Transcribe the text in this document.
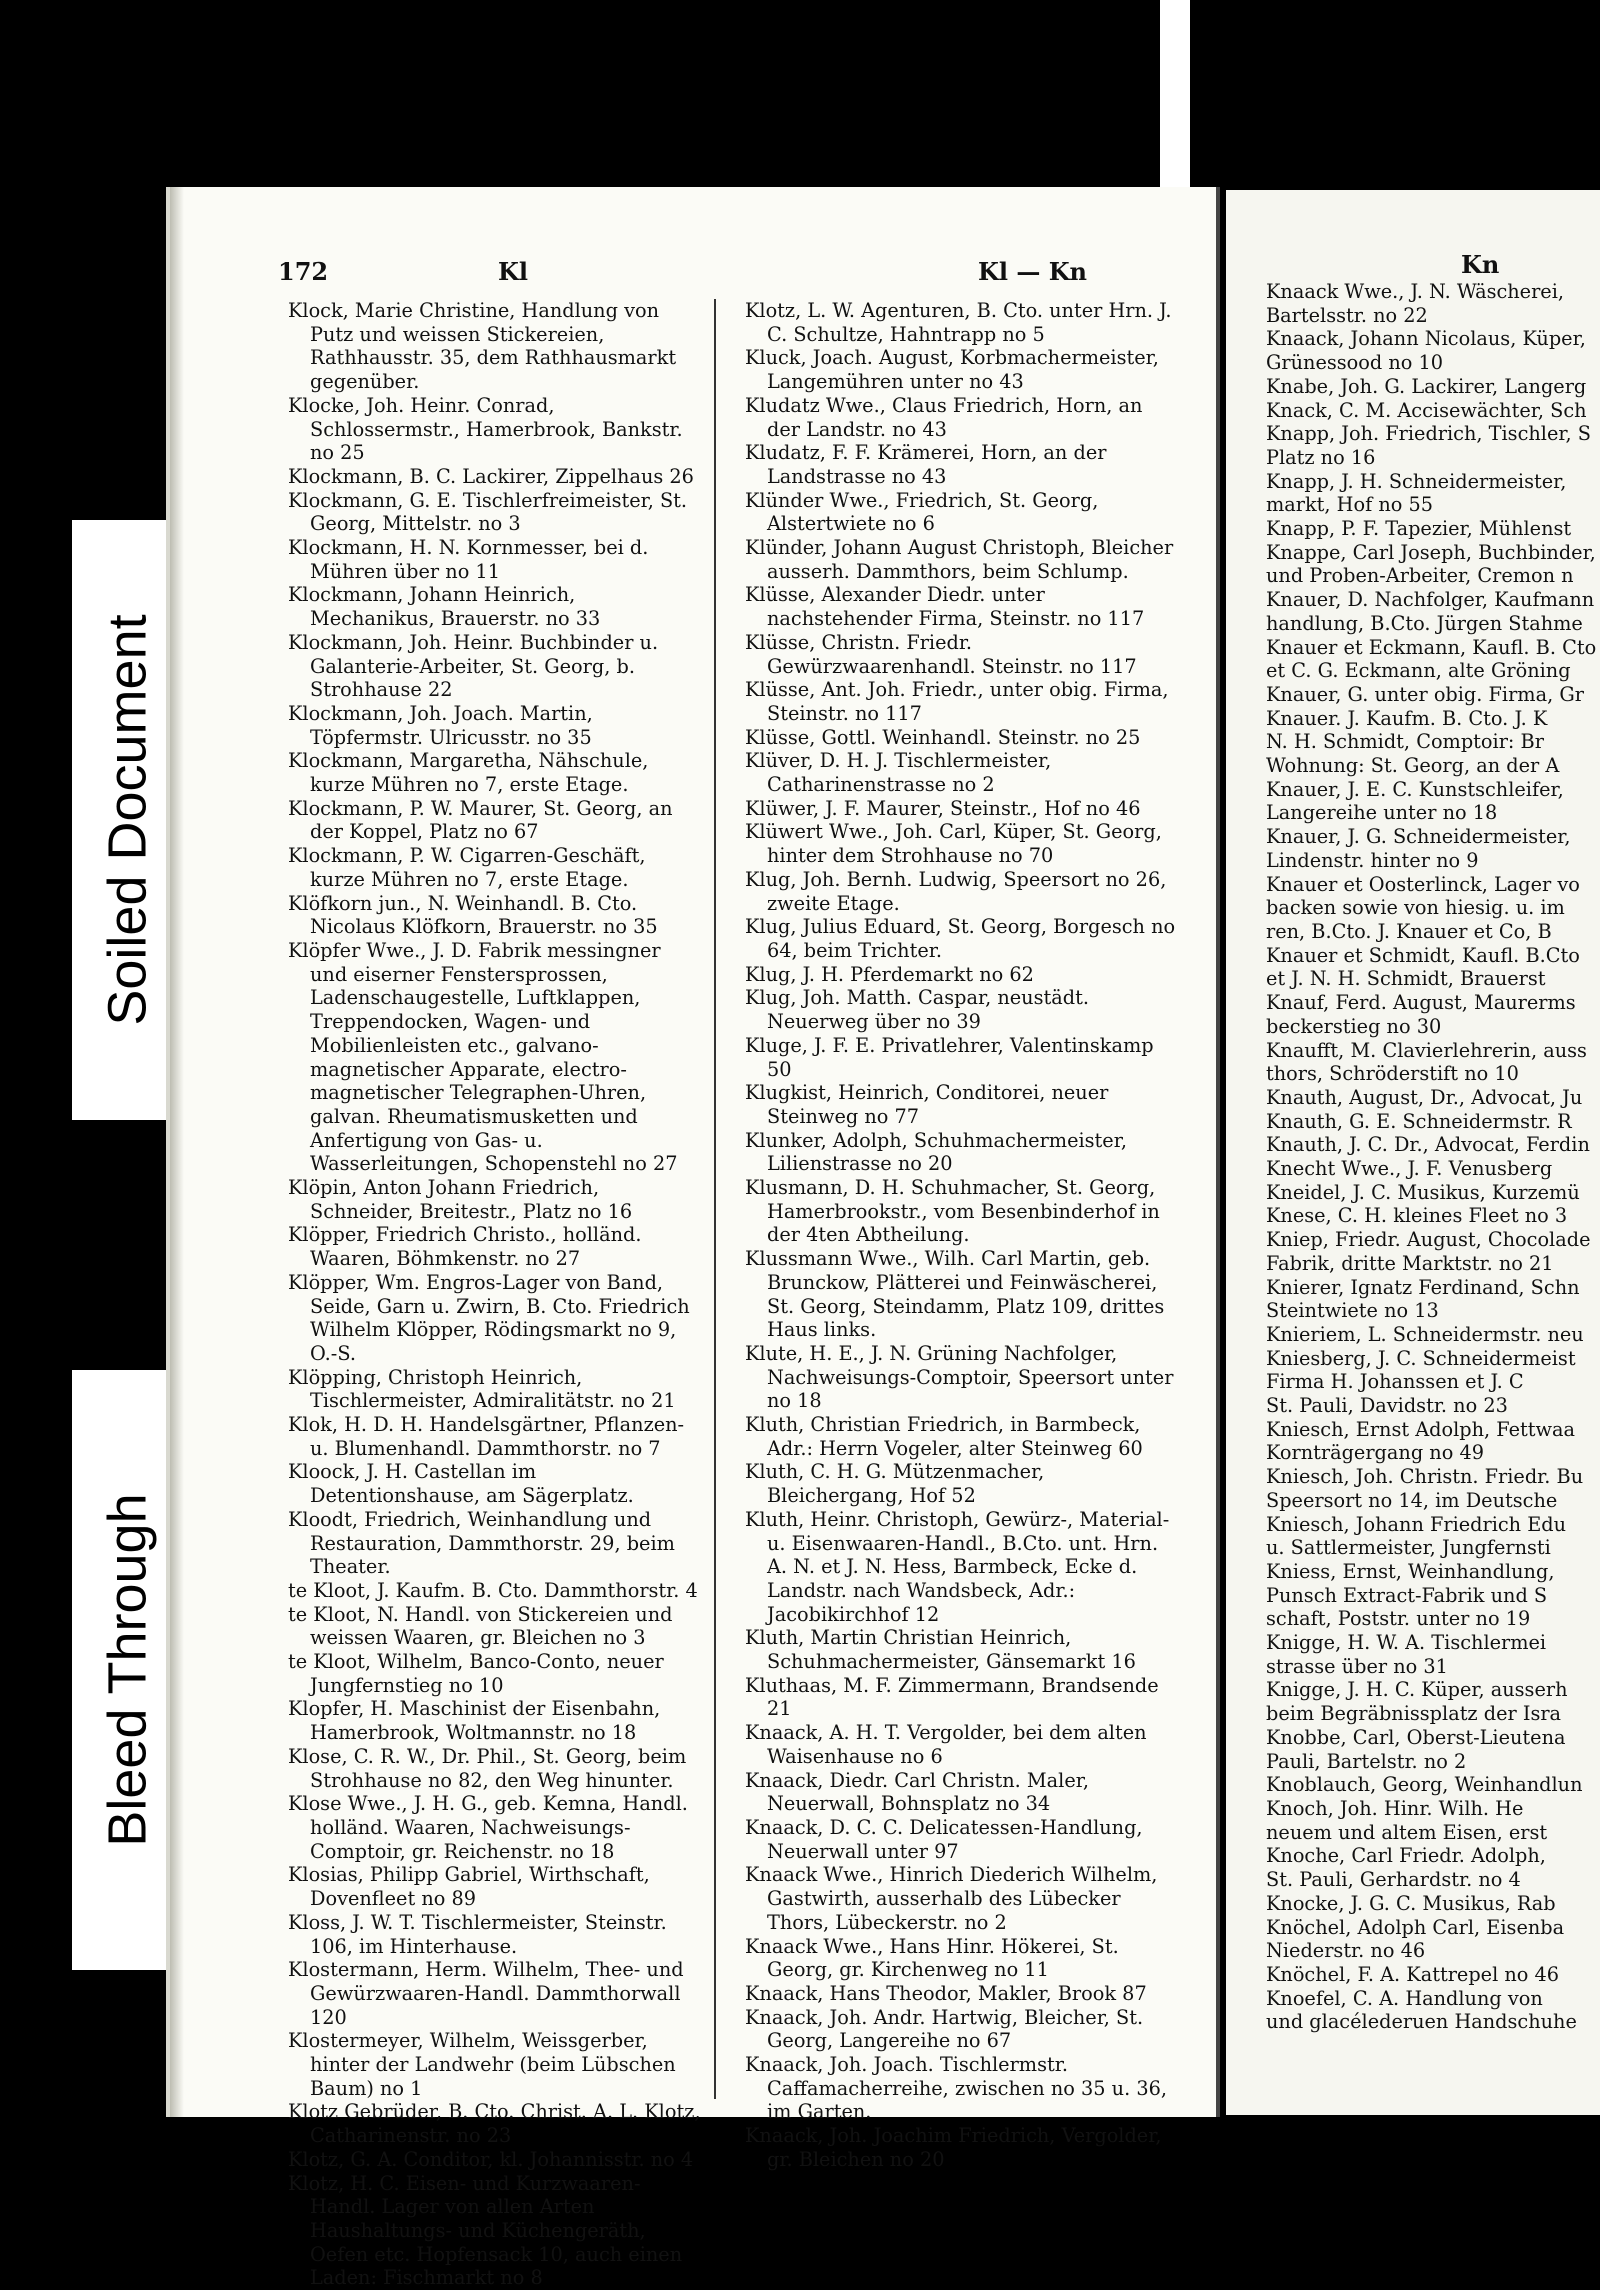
Soiled Document
Bleed Through
172	Kl	Kl — Kn

Klock, Marie Christine, Handlung von Putz und weissen Stickereien, Rathhausstr. 35, dem Rathhausmarkt gegenüber.

Klocke, Joh. Heinr. Conrad, Schlossermstr., Hamerbrook, Bankstr. no 25

Klockmann, B. C. Lackirer, Zippelhaus 26

Klockmann, G. E. Tischlerfreimeister, St. Georg, Mittelstr. no 3

Klockmann, H. N. Kornmesser, bei d. Mühren über no 11

Klockmann, Johann Heinrich, Mechanikus, Brauerstr. no 33

Klockmann, Joh. Heinr. Buchbinder u. Galanterie-Arbeiter, St. Georg, b. Strohhause 22

Klockmann, Joh. Joach. Martin, Töpfermstr. Ulricusstr. no 35

Klockmann, Margaretha, Nähschule, kurze Mühren no 7, erste Etage.

Klockmann, P. W. Maurer, St. Georg, an der Koppel, Platz no 67

Klockmann, P. W. Cigarren-Geschäft, kurze Mühren no 7, erste Etage.

Klöfkorn jun., N. Weinhandl. B. Cto. Nicolaus Klöfkorn, Brauerstr. no 35

Klöpfer Wwe., J. D. Fabrik messingner und eiserner Fenstersprossen, Ladenschaugestelle, Luftklappen, Treppendocken, Wagen- und Mobilienleisten etc., galvano-magnetischer Apparate, electro-magnetischer Telegraphen-Uhren, galvan. Rheumatismusketten und Anfertigung von Gas- u. Wasserleitungen, Schopenstehl no 27

Klöpin, Anton Johann Friedrich, Schneider, Breitestr., Platz no 16

Klöpper, Friedrich Christo., holländ. Waaren, Böhmkenstr. no 27

Klöpper, Wm. Engros-Lager von Band, Seide, Garn u. Zwirn, B. Cto. Friedrich Wilhelm Klöpper, Rödingsmarkt no 9, O.-S.

Klöpping, Christoph Heinrich, Tischlermeister, Admiralitätstr. no 21

Klok, H. D. H. Handelsgärtner, Pflanzen- u. Blumenhandl. Dammthorstr. no 7

Kloock, J. H. Castellan im Detentionshause, am Sägerplatz.

Kloodt, Friedrich, Weinhandlung und Restauration, Dammthorstr. 29, beim Theater.

te Kloot, J. Kaufm. B. Cto. Dammthorstr. 4

te Kloot, N. Handl. von Stickereien und weissen Waaren, gr. Bleichen no 3

te Kloot, Wilhelm, Banco-Conto, neuer Jungfernstieg no 10

Klopfer, H. Maschinist der Eisenbahn, Hamerbrook, Woltmannstr. no 18

Klose, C. R. W., Dr. Phil., St. Georg, beim Strohhause no 82, den Weg hinunter.

Klose Wwe., J. H. G., geb. Kemna, Handl. holländ. Waaren, Nachweisungs-Comptoir, gr. Reichenstr. no 18

Klosias, Philipp Gabriel, Wirthschaft, Dovenfleet no 89

Kloss, J. W. T. Tischlermeister, Steinstr. 106, im Hinterhause.

Klostermann, Herm. Wilhelm, Thee- und Gewürzwaaren-Handl. Dammthorwall 120

Klostermeyer, Wilhelm, Weissgerber, hinter der Landwehr (beim Lübschen Baum) no 1

Klotz Gebrüder, B. Cto. Christ. A. L. Klotz, Catharinenstr. no 23

Klotz, G. A. Conditor, kl. Johannisstr. no 4

Klotz, H. C. Eisen- und Kurzwaaren-Handl. Lager von allen Arten Haushaltungs- und Küchengeräth, Oefen etc. Hopfensack 10, auch einen Laden: Fischmarkt no 8

Klotz, L. W. Agenturen, B. Cto. unter Hrn. J. C. Schultze, Hahntrapp no 5

Kluck, Joach. August, Korbmachermeister, Langemühren unter no 43

Kludatz Wwe., Claus Friedrich, Horn, an der Landstr. no 43

Kludatz, F. F. Krämerei, Horn, an der Landstrasse no 43

Klünder Wwe., Friedrich, St. Georg, Alstertwiete no 6

Klünder, Johann August Christoph, Bleicher ausserh. Dammthors, beim Schlump.

Klüsse, Alexander Diedr. unter nachstehender Firma, Steinstr. no 117

Klüsse, Christn. Friedr. Gewürzwaarenhandl. Steinstr. no 117

Klüsse, Ant. Joh. Friedr., unter obig. Firma, Steinstr. no 117

Klüsse, Gottl. Weinhandl. Steinstr. no 25

Klüver, D. H. J. Tischlermeister, Catharinenstrasse no 2

Klüwer, J. F. Maurer, Steinstr., Hof no 46

Klüwert Wwe., Joh. Carl, Küper, St. Georg, hinter dem Strohhause no 70

Klug, Joh. Bernh. Ludwig, Speersort no 26, zweite Etage.

Klug, Julius Eduard, St. Georg, Borgesch no 64, beim Trichter.

Klug, J. H. Pferdemarkt no 62

Klug, Joh. Matth. Caspar, neustädt. Neuerweg über no 39

Kluge, J. F. E. Privatlehrer, Valentinskamp 50

Klugkist, Heinrich, Conditorei, neuer Steinweg no 77

Klunker, Adolph, Schuhmachermeister, Lilienstrasse no 20

Klusmann, D. H. Schuhmacher, St. Georg, Hamerbrookstr., vom Besenbinderhof in der 4ten Abtheilung.

Klussmann Wwe., Wilh. Carl Martin, geb. Brunckow, Plätterei und Feinwäscherei, St. Georg, Steindamm, Platz 109, drittes Haus links.

Klute, H. E., J. N. Grüning Nachfolger, Nachweisungs-Comptoir, Speersort unter no 18

Kluth, Christian Friedrich, in Barmbeck, Adr.: Herrn Vogeler, alter Steinweg 60

Kluth, C. H. G. Mützenmacher, Bleichergang, Hof 52

Kluth, Heinr. Christoph, Gewürz-, Material- u. Eisenwaaren-Handl., B.Cto. unt. Hrn. A. N. et J. N. Hess, Barmbeck, Ecke d. Landstr. nach Wandsbeck, Adr.: Jacobikirchhof 12

Kluth, Martin Christian Heinrich, Schuhmachermeister, Gänsemarkt 16

Kluthaas, M. F. Zimmermann, Brandsende 21

Knaack, A. H. T. Vergolder, bei dem alten Waisenhause no 6

Knaack, Diedr. Carl Christn. Maler, Neuerwall, Bohnsplatz no 34

Knaack, D. C. C. Delicatessen-Handlung, Neuerwall unter 97

Knaack Wwe., Hinrich Diederich Wilhelm, Gastwirth, ausserhalb des Lübecker Thors, Lübeckerstr. no 2

Knaack Wwe., Hans Hinr. Hökerei, St. Georg, gr. Kirchenweg no 11

Knaack, Hans Theodor, Makler, Brook 87

Knaack, Joh. Andr. Hartwig, Bleicher, St. Georg, Langereihe no 67

Knaack, Joh. Joach. Tischlermstr. Caffamacherreihe, zwischen no 35 u. 36, im Garten.

Knaack, Joh. Joachim Friedrich, Vergolder, gr. Bleichen no 20

Kn

Knaack Wwe., J. N. Wäscherei,

Bartelsstr. no 22

Knaack, Johann Nicolaus, Küper,

Grünessood no 10

Knabe, Joh. G. Lackirer, Langerg

Knack, C. M. Accisewächter, Sch

Knapp, Joh. Friedrich, Tischler, S

Platz no 16

Knapp, J. H. Schneidermeister,

markt, Hof no 55

Knapp, P. F. Tapezier, Mühlenst

Knappe, Carl Joseph, Buchbinder,

und Proben-Arbeiter, Cremon n

Knauer, D. Nachfolger, Kaufmann

handlung, B.Cto. Jürgen Stahme

Knauer et Eckmann, Kaufl. B. Cto

et C. G. Eckmann, alte Gröning

Knauer, G. unter obig. Firma, Gr

Knauer. J. Kaufm. B. Cto. J. K

N. H. Schmidt, Comptoir: Br

Wohnung: St. Georg, an der A

Knauer, J. E. C. Kunstschleifer,

Langereihe unter no 18

Knauer, J. G. Schneidermeister,

Lindenstr. hinter no 9

Knauer et Oosterlinck, Lager vo

backen sowie von hiesig. u. im

ren, B.Cto. J. Knauer et Co, B

Knauer et Schmidt, Kaufl. B.Cto

et J. N. H. Schmidt, Brauerst

Knauf, Ferd. August, Maurerms

beckerstieg no 30

Knaufft, M. Clavierlehrerin, auss

thors, Schröderstift no 10

Knauth, August, Dr., Advocat, Ju

Knauth, G. E. Schneidermstr. R

Knauth, J. C. Dr., Advocat, Ferdin

Knecht Wwe., J. F. Venusberg

Kneidel, J. C. Musikus, Kurzemü

Knese, C. H. kleines Fleet no 3

Kniep, Friedr. August, Chocolade

Fabrik, dritte Marktstr. no 21

Knierer, Ignatz Ferdinand, Schn

Steintwiete no 13

Knieriem, L. Schneidermstr. neu

Kniesberg, J. C. Schneidermeist

Firma H. Johanssen et J. C

St. Pauli, Davidstr. no 23

Kniesch, Ernst Adolph, Fettwaa

Kornträgergang no 49

Kniesch, Joh. Christn. Friedr. Bu

Speersort no 14, im Deutsche

Kniesch, Johann Friedrich Edu

u. Sattlermeister, Jungfernsti

Kniess, Ernst, Weinhandlung,

Punsch Extract-Fabrik und S

schaft, Poststr. unter no 19

Knigge, H. W. A. Tischlermei

strasse über no 31

Knigge, J. H. C. Küper, ausserh

beim Begräbnissplatz der Isra

Knobbe, Carl, Oberst-Lieutena

Pauli, Bartelstr. no 2

Knoblauch, Georg, Weinhandlun

Knoch, Joh. Hinr. Wilh. He

neuem und altem Eisen, erst

Knoche, Carl Friedr. Adolph,

St. Pauli, Gerhardstr. no 4

Knocke, J. G. C. Musikus, Rab

Knöchel, Adolph Carl, Eisenba

Niederstr. no 46

Knöchel, F. A. Kattrepel no 46

Knoefel, C. A. Handlung von

und glacélederuen Handschuhe
